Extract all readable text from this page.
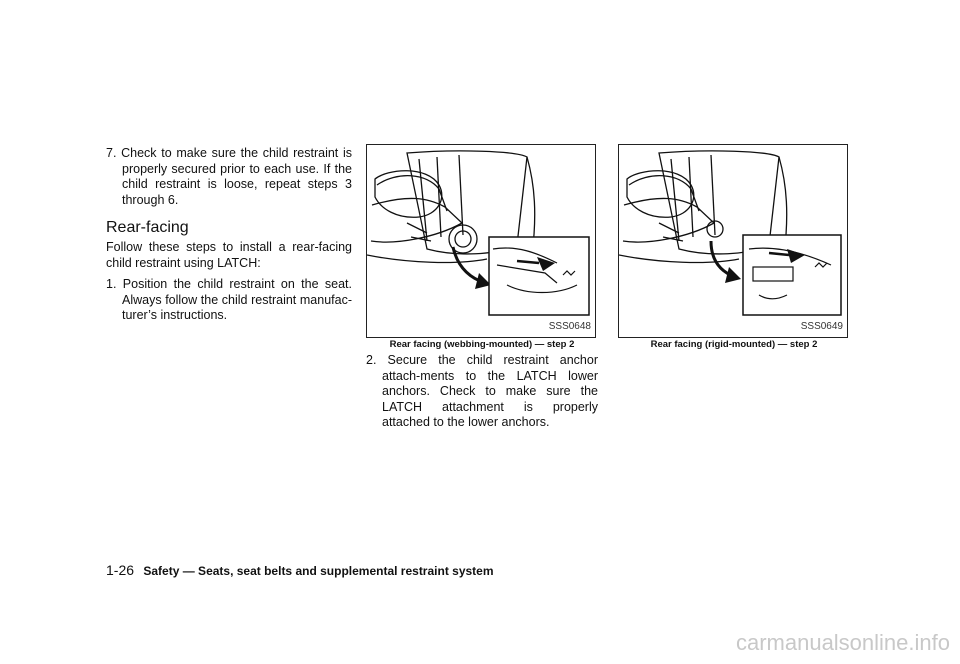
7. Check to make sure the child restraint is properly secured prior to each use. If the child restraint is loose, repeat steps 3 through 6.

Rear-facing

Follow these steps to install a rear-facing child restraint using LATCH:

1. Position the child restraint on the seat. Always follow the child restraint manufac-turer’s instructions.

SSS0648
Rear facing (webbing-mounted) — step 2

2. Secure the child restraint anchor attach-ments to the LATCH lower anchors. Check to make sure the LATCH attachment is properly attached to the lower anchors.

SSS0649
Rear facing (rigid-mounted) — step 2
1-26 Safety — Seats, seat belts and supplemental restraint system
carmanualsonline.info
